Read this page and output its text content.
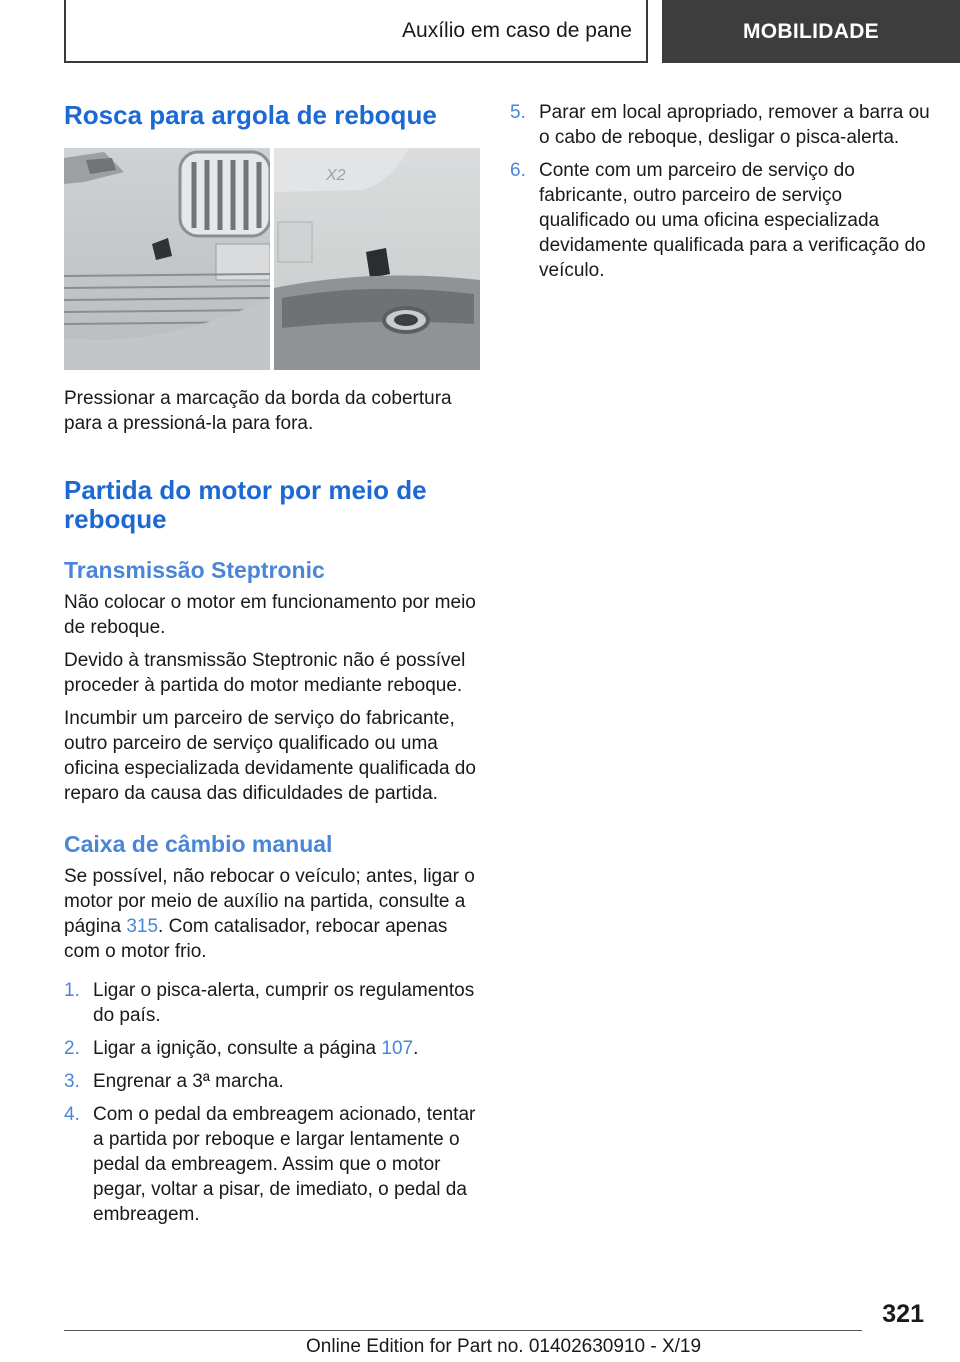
Auxílio em caso de pane	MOBILIDADE
Rosca para argola de reboque
X2

Pressionar a marcação da borda da cobertura para a pressioná-la para fora.

Partida do motor por meio de reboque
Transmissão Steptronic

Não colocar o motor em funcionamento por meio de reboque.

Devido à transmissão Steptronic não é possível proceder à partida do motor mediante reboque.

Incumbir um parceiro de serviço do fabricante, outro parceiro de serviço qualificado ou uma oficina especializada devidamente qualificada do reparo da causa das dificuldades de partida.

Caixa de câmbio manual

Se possível, não rebocar o veículo; antes, ligar o motor por meio de auxílio na partida, consulte a página 315. Com catalisador, rebocar apenas com o motor frio.

1. Ligar o pisca-alerta, cumprir os regulamentos do país.
2. Ligar a ignição, consulte a página 107.
3. Engrenar a 3ª marcha.
4. Com o pedal da embreagem acionado, tentar a partida por reboque e largar lentamente o pedal da embreagem. Assim que o motor pegar, voltar a pisar, de imediato, o pedal da embreagem.
5. Parar em local apropriado, remover a barra ou o cabo de reboque, desligar o pisca-alerta.
6. Conte com um parceiro de serviço do fabricante, outro parceiro de serviço qualificado ou uma oficina especializada devidamente qualificada para a verificação do veículo.
321
Online Edition for Part no. 01402630910 - X/19
